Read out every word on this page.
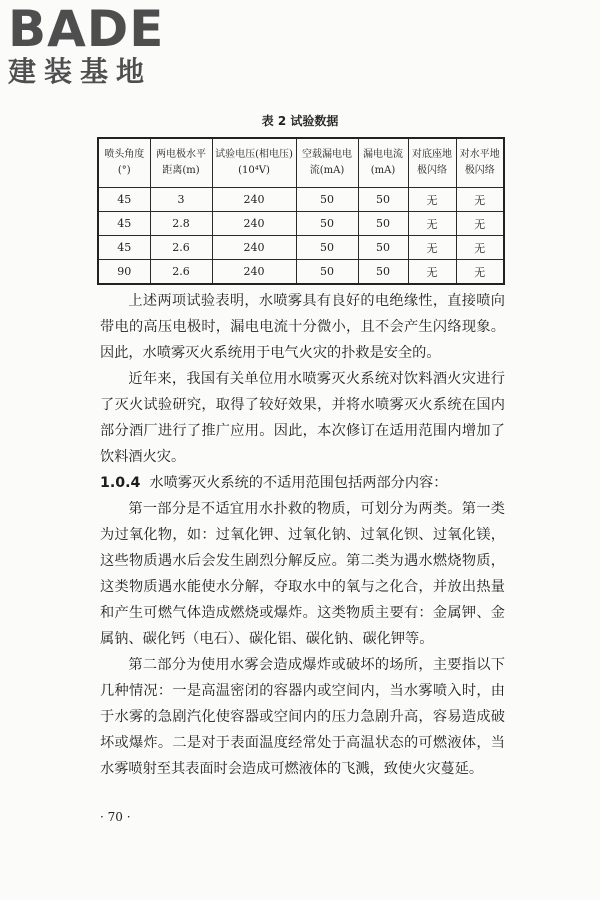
BADE
建装基地
表 2 试验数据
喷头角度(°)	两电极水平距离(m)	试验电压(相电压)(10⁴V)	空载漏电电流(mA)	漏电电流(mA)	对底座地极闪络	对水平地极闪络
45	3	240	50	50	无	无
45	2.8	240	50	50	无	无
45	2.6	240	50	50	无	无
90	2.6	240	50	50	无	无

上述两项试验表明，水喷雾具有良好的电绝缘性，直接喷向带电的高压电极时，漏电电流十分微小，且不会产生闪络现象。因此，水喷雾灭火系统用于电气火灾的扑救是安全的。

近年来，我国有关单位用水喷雾灭火系统对饮料酒火灾进行了灭火试验研究，取得了较好效果，并将水喷雾灭火系统在国内部分酒厂进行了推广应用。因此，本次修订在适用范围内增加了饮料酒火灾。

1.0.4 水喷雾灭火系统的不适用范围包括两部分内容：

第一部分是不适宜用水扑救的物质，可划分为两类。第一类为过氧化物，如：过氧化钾、过氧化钠、过氧化钡、过氧化镁，这些物质遇水后会发生剧烈分解反应。第二类为遇水燃烧物质，这类物质遇水能使水分解，夺取水中的氧与之化合，并放出热量和产生可燃气体造成燃烧或爆炸。这类物质主要有：金属钾、金属钠、碳化钙（电石）、碳化铝、碳化钠、碳化钾等。

第二部分为使用水雾会造成爆炸或破坏的场所，主要指以下几种情况：一是高温密闭的容器内或空间内，当水雾喷入时，由于水雾的急剧汽化使容器或空间内的压力急剧升高，容易造成破坏或爆炸。二是对于表面温度经常处于高温状态的可燃液体，当水雾喷射至其表面时会造成可燃液体的飞溅，致使火灾蔓延。

· 70 ·
